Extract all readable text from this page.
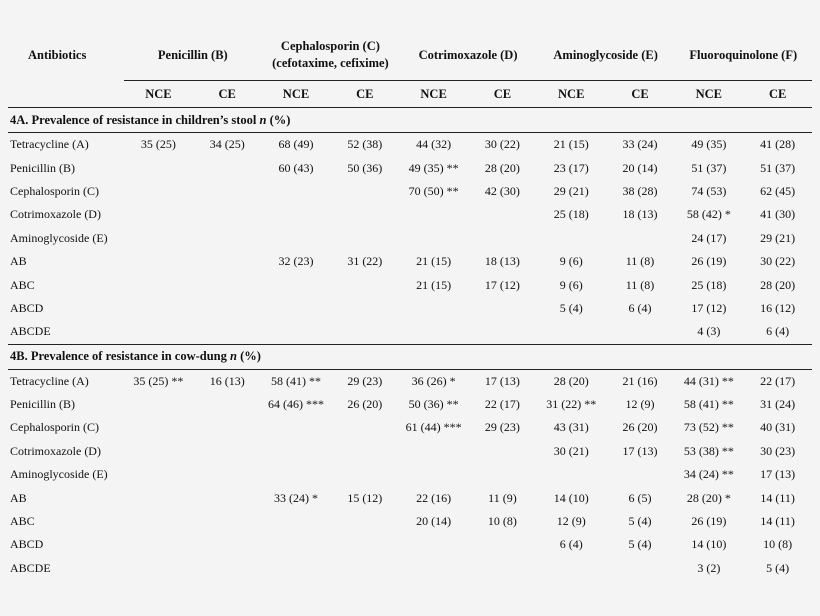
Antibiotics	Penicillin (B)		Cephalosporin (C) (cefotaxime, cefixime)		Cotrimoxazole (D)		Aminoglycoside (E)		Fluoroquinolone (F)	
	NCE	CE	NCE	CE	NCE	CE	NCE	CE	NCE	CE
4A. Prevalence of resistance in children’s stool n (%)										
Tetracycline (A)	35 (25)	34 (25)	68 (49)	52 (38)	44 (32)	30 (22)	21 (15)	33 (24)	49 (35)	41 (28)
Penicillin (B)			60 (43)	50 (36)	49 (35) **	28 (20)	23 (17)	20 (14)	51 (37)	51 (37)
Cephalosporin (C)					70 (50) **	42 (30)	29 (21)	38 (28)	74 (53)	62 (45)
Cotrimoxazole (D)							25 (18)	18 (13)	58 (42) *	41 (30)
Aminoglycoside (E)									24 (17)	29 (21)
AB			32 (23)	31 (22)	21 (15)	18 (13)	9 (6)	11 (8)	26 (19)	30 (22)
ABC					21 (15)	17 (12)	9 (6)	11 (8)	25 (18)	28 (20)
ABCD							5 (4)	6 (4)	17 (12)	16 (12)
ABCDE									4 (3)	6 (4)
4B. Prevalence of resistance in cow-dung n (%)										
Tetracycline (A)	35 (25) **	16 (13)	58 (41) **	29 (23)	36 (26) *	17 (13)	28 (20)	21 (16)	44 (31) **	22 (17)
Penicillin (B)			64 (46) ***	26 (20)	50 (36) **	22 (17)	31 (22) **	12 (9)	58 (41) **	31 (24)
Cephalosporin (C)					61 (44) ***	29 (23)	43 (31)	26 (20)	73 (52) **	40 (31)
Cotrimoxazole (D)							30 (21)	17 (13)	53 (38) **	30 (23)
Aminoglycoside (E)									34 (24) **	17 (13)
AB			33 (24) *	15 (12)	22 (16)	11 (9)	14 (10)	6 (5)	28 (20) *	14 (11)
ABC					20 (14)	10 (8)	12 (9)	5 (4)	26 (19)	14 (11)
ABCD							6 (4)	5 (4)	14 (10)	10 (8)
ABCDE									3 (2)	5 (4)
